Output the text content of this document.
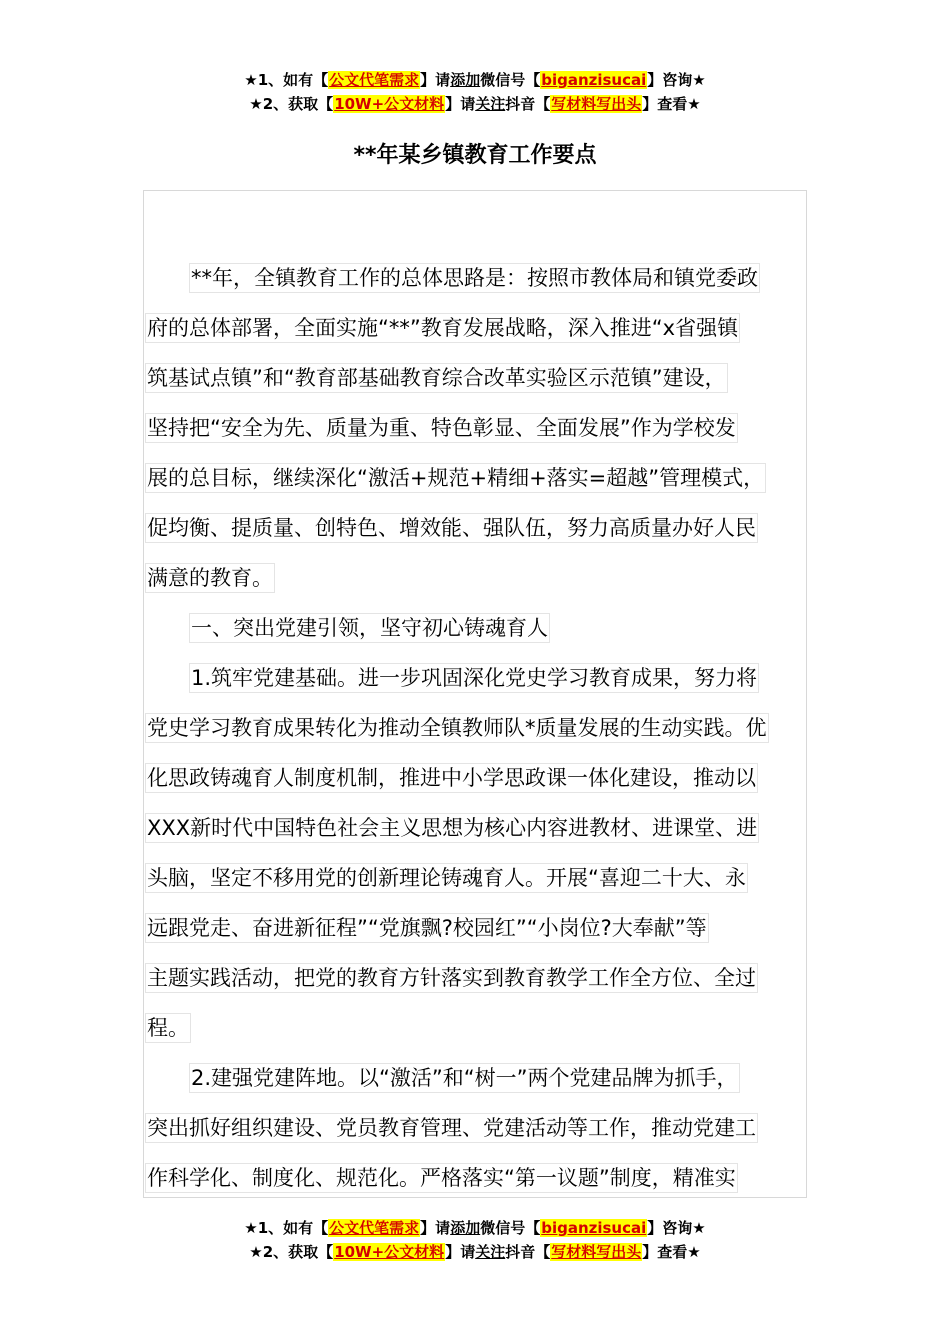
★1、如有【公文代笔需求】请添加微信号【biganzisucai】咨询★
★2、获取【10W+公文材料】请关注抖音【写材料写出头】查看★
**年某乡镇教育工作要点
**年，全镇教育工作的总体思路是：按照市教体局和镇党委政
府的总体部署，全面实施“**”教育发展战略，深入推进“x省强镇
筑基试点镇”和“教育部基础教育综合改革实验区示范镇”建设，
坚持把“安全为先、质量为重、特色彰显、全面发展”作为学校发
展的总目标，继续深化“激活+规范+精细+落实=超越”管理模式，
促均衡、提质量、创特色、增效能、强队伍，努力高质量办好人民
满意的教育。
一、突出党建引领，坚守初心铸魂育人
1.筑牢党建基础。进一步巩固深化党史学习教育成果，努力将
党史学习教育成果转化为推动全镇教师队*质量发展的生动实践。优
化思政铸魂育人制度机制，推进中小学思政课一体化建设，推动以
XXX新时代中国特色社会主义思想为核心内容进教材、进课堂、进
头脑，坚定不移用党的创新理论铸魂育人。开展“喜迎二十大、永
远跟党走、奋进新征程”“党旗飘?校园红”“小岗位?大奉献”等
主题实践活动，把党的教育方针落实到教育教学工作全方位、全过
程。
2.建强党建阵地。以“激活”和“树一”两个党建品牌为抓手，
突出抓好组织建设、党员教育管理、党建活动等工作，推动党建工
作科学化、制度化、规范化。严格落实“第一议题”制度，精准实
★1、如有【公文代笔需求】请添加微信号【biganzisucai】咨询★
★2、获取【10W+公文材料】请关注抖音【写材料写出头】查看★
